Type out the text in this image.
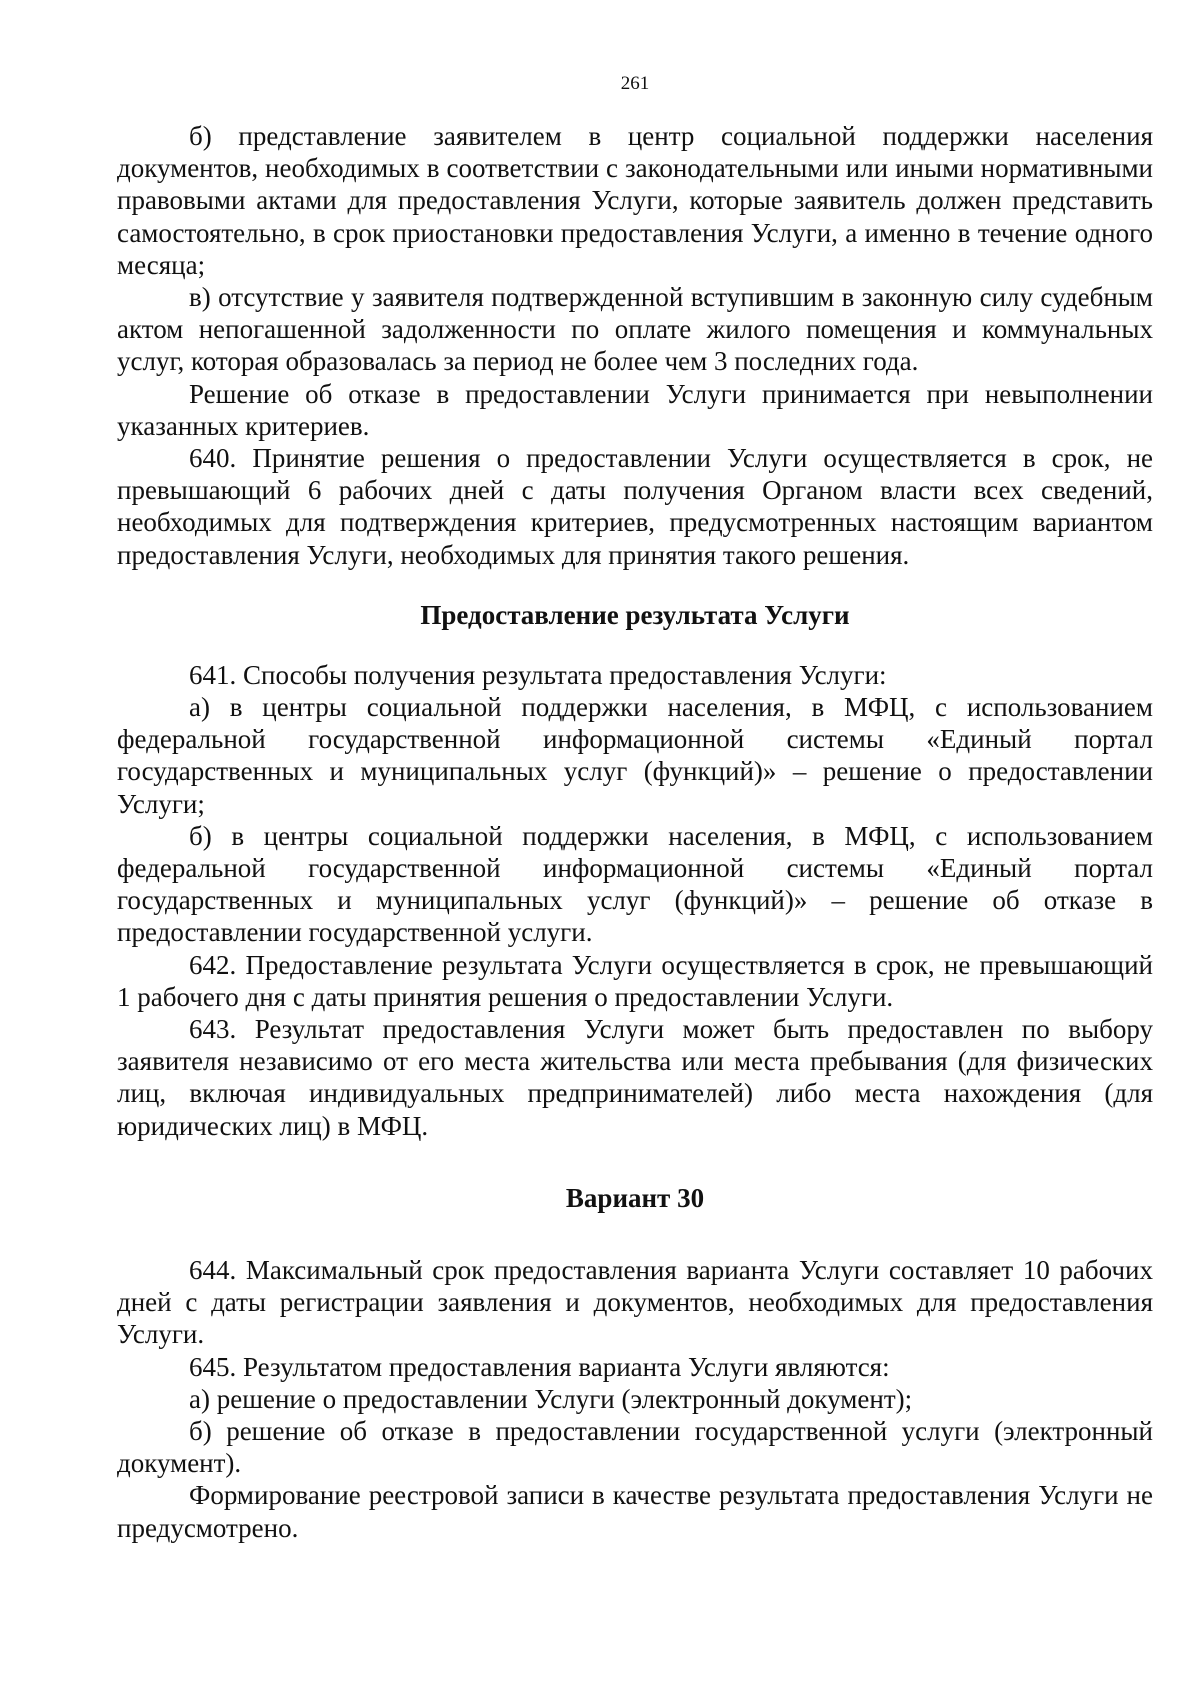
261

б) представление заявителем в центр социальной поддержки населения документов, необходимых в соответствии с законодательными или иными нормативными правовыми актами для предоставления Услуги, которые заявитель должен представить самостоятельно, в срок приостановки предоставления Услуги, а именно в течение одного месяца;

в) отсутствие у заявителя подтвержденной вступившим в законную силу судебным актом непогашенной задолженности по оплате жилого помещения и коммунальных услуг, которая образовалась за период не более чем 3 последних года.

Решение об отказе в предоставлении Услуги принимается при невыполнении указанных критериев.

640. Принятие решения о предоставлении Услуги осуществляется в срок, не превышающий 6 рабочих дней с даты получения Органом власти всех сведений, необходимых для подтверждения критериев, предусмотренных настоящим вариантом предоставления Услуги, необходимых для принятия такого решения.

Предоставление результата Услуги

641. Способы получения результата предоставления Услуги:

а) в центры социальной поддержки населения, в МФЦ, с использованием федеральной государственной информационной системы «Единый портал государственных и муниципальных услуг (функций)» – решение о предоставлении Услуги;

б) в центры социальной поддержки населения, в МФЦ, с использованием федеральной государственной информационной системы «Единый портал государственных и муниципальных услуг (функций)» – решение об отказе в предоставлении государственной услуги.

642. Предоставление результата Услуги осуществляется в срок, не превышающий 1 рабочего дня с даты принятия решения о предоставлении Услуги.

643. Результат предоставления Услуги может быть предоставлен по выбору заявителя независимо от его места жительства или места пребывания (для физических лиц, включая индивидуальных предпринимателей) либо места нахождения (для юридических лиц) в МФЦ.

Вариант 30

644. Максимальный срок предоставления варианта Услуги составляет 10 рабочих дней с даты регистрации заявления и документов, необходимых для предоставления Услуги.

645. Результатом предоставления варианта Услуги являются:

а) решение о предоставлении Услуги (электронный документ);

б) решение об отказе в предоставлении государственной услуги (электронный документ).

Формирование реестровой записи в качестве результата предоставления Услуги не предусмотрено.
